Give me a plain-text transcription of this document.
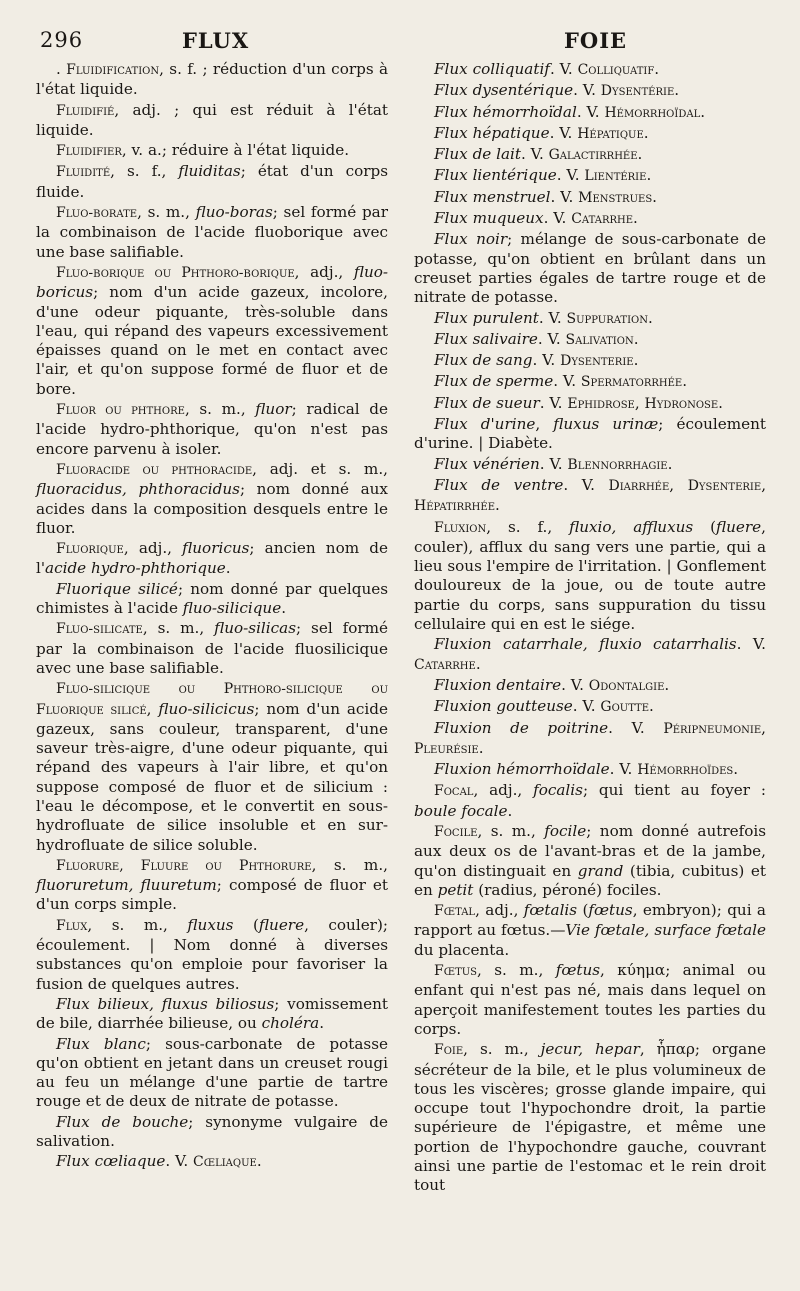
296	FLUX	FOIE

. Fluidification, s. f. ; réduction d'un corps à l'état liquide.

Fluidifié, adj. ; qui est réduit à l'état liquide.

Fluidifier, v. a.; réduire à l'état liquide.

Fluidité, s. f., fluiditas; état d'un corps fluide.

Fluo-borate, s. m., fluo-boras; sel formé par la combinaison de l'acide fluoborique avec une base salifiable.

Fluo-borique ou Phthoro-borique, adj., fluo-boricus; nom d'un acide gazeux, incolore, d'une odeur piquante, très-soluble dans l'eau, qui répand des vapeurs excessivement épaisses quand on le met en contact avec l'air, et qu'on suppose formé de fluor et de bore.

Fluor ou phthore, s. m., fluor; radical de l'acide hydro-phthorique, qu'on n'est pas encore parvenu à isoler.

Fluoracide ou phthoracide, adj. et s. m., fluoracidus, phthoracidus; nom donné aux acides dans la composition desquels entre le fluor.

Fluorique, adj., fluoricus; ancien nom de l'acide hydro-phthorique.

Fluorique silicé; nom donné par quelques chimistes à l'acide fluo-silicique.

Fluo-silicate, s. m., fluo-silicas; sel formé par la combinaison de l'acide fluosilicique avec une base salifiable.

Fluo-silicique ou Phthoro-silicique ou Fluorique silicé, fluo-silicicus; nom d'un acide gazeux, sans couleur, transparent, d'une saveur très-aigre, d'une odeur piquante, qui répand des vapeurs à l'air libre, et qu'on suppose composé de fluor et de silicium : l'eau le décompose, et le convertit en sous-hydrofluate de silice insoluble et en sur-hydrofluate de silice soluble.

Fluorure, Fluure ou Phthorure, s. m., fluoruretum, fluuretum; composé de fluor et d'un corps simple.

Flux, s. m., fluxus (fluere, couler); écoulement. | Nom donné à diverses substances qu'on emploie pour favoriser la fusion de quelques autres.

Flux bilieux, fluxus biliosus; vomissement de bile, diarrhée bilieuse, ou choléra.

Flux blanc; sous-carbonate de potasse qu'on obtient en jetant dans un creuset rougi au feu un mélange d'une partie de tartre rouge et de deux de nitrate de potasse.

Flux de bouche; synonyme vulgaire de salivation.

Flux cœliaque. V. Cœliaque.

Flux colliquatif. V. Colliquatif.

Flux dysentérique. V. Dysentérie.

Flux hémorrhoïdal. V. Hémorrhoïdal.

Flux hépatique. V. Hépatique.

Flux de lait. V. Galactirrhée.

Flux lientérique. V. Lientérie.

Flux menstruel. V. Menstrues.

Flux muqueux. V. Catarrhe.

Flux noir; mélange de sous-carbonate de potasse, qu'on obtient en brûlant dans un creuset parties égales de tartre rouge et de nitrate de potasse.

Flux purulent. V. Suppuration.

Flux salivaire. V. Salivation.

Flux de sang. V. Dysenterie.

Flux de sperme. V. Spermatorrhée.

Flux de sueur. V. Ephidrose, Hydronose.

Flux d'urine, fluxus urinæ; écoulement d'urine. | Diabète.

Flux vénérien. V. Blennorrhagie.

Flux de ventre. V. Diarrhée, Dysenterie, Hépatirrhée.

Fluxion, s. f., fluxio, affluxus (fluere, couler), afflux du sang vers une partie, qui a lieu sous l'empire de l'irritation. | Gonflement douloureux de la joue, ou de toute autre partie du corps, sans suppuration du tissu cellulaire qui en est le siége.

Fluxion catarrhale, fluxio catarrhalis. V. Catarrhe.

Fluxion dentaire. V. Odontalgie.

Fluxion goutteuse. V. Goutte.

Fluxion de poitrine. V. Péripneumonie, Pleurésie.

Fluxion hémorrhoïdale. V. Hémorrhoïdes.

Focal, adj., focalis; qui tient au foyer : boule focale.

Focile, s. m., focile; nom donné autrefois aux deux os de l'avant-bras et de la jambe, qu'on distinguait en grand (tibia, cubitus) et en petit (radius, péroné) fociles.

Fœtal, adj., fœtalis (fœtus, embryon); qui a rapport au fœtus.—Vie fœtale, surface fœtale du placenta.

Fœtus, s. m., fœtus, κύημα; animal ou enfant qui n'est pas né, mais dans lequel on aperçoit manifestement toutes les parties du corps.

Foie, s. m., jecur, hepar, ἧπαρ; organe sécréteur de la bile, et le plus volumineux de tous les viscères; grosse glande impaire, qui occupe tout l'hypochondre droit, la partie supérieure de l'épigastre, et même une portion de l'hypochondre gauche, couvrant ainsi une partie de l'estomac et le rein droit tout
